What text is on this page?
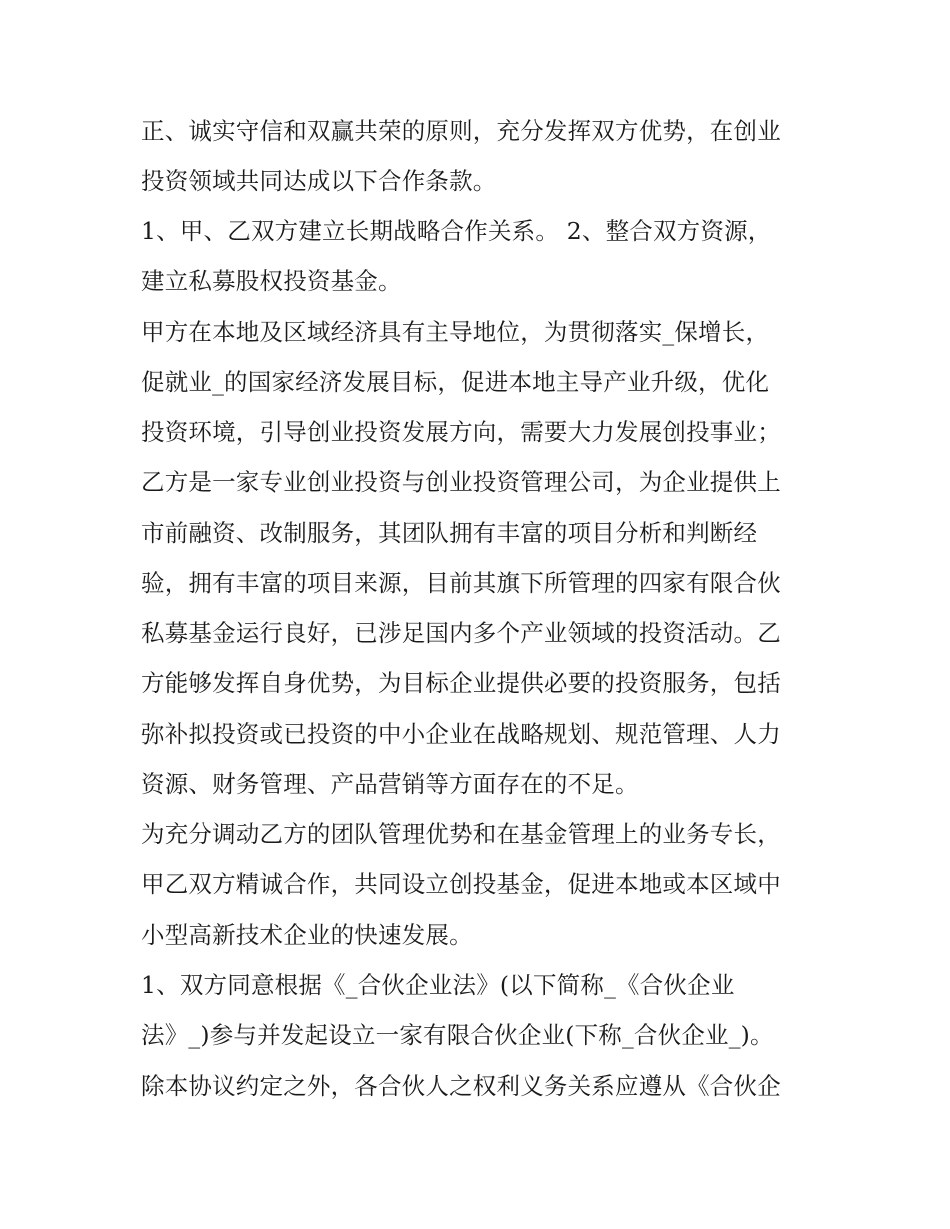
正、诚实守信和双赢共荣的原则，充分发挥双方优势，在创业
投资领域共同达成以下合作条款。
1、甲、乙双方建立长期战略合作关系。 2、整合双方资源，
建立私募股权投资基金。
甲方在本地及区域经济具有主导地位，为贯彻落实_保增长，
促就业_的国家经济发展目标，促进本地主导产业升级，优化
投资环境，引导创业投资发展方向，需要大力发展创投事业；
乙方是一家专业创业投资与创业投资管理公司，为企业提供上
市前融资、改制服务，其团队拥有丰富的项目分析和判断经
验，拥有丰富的项目来源，目前其旗下所管理的四家有限合伙
私募基金运行良好，已涉足国内多个产业领域的投资活动。乙
方能够发挥自身优势，为目标企业提供必要的投资服务，包括
弥补拟投资或已投资的中小企业在战略规划、规范管理、人力
资源、财务管理、产品营销等方面存在的不足。
为充分调动乙方的团队管理优势和在基金管理上的业务专长，
甲乙双方精诚合作，共同设立创投基金，促进本地或本区域中
小型高新技术企业的快速发展。
1、双方同意根据《_合伙企业法》(以下简称_《合伙企业
法》_)参与并发起设立一家有限合伙企业(下称_合伙企业_)。
除本协议约定之外，各合伙人之权利义务关系应遵从《合伙企
